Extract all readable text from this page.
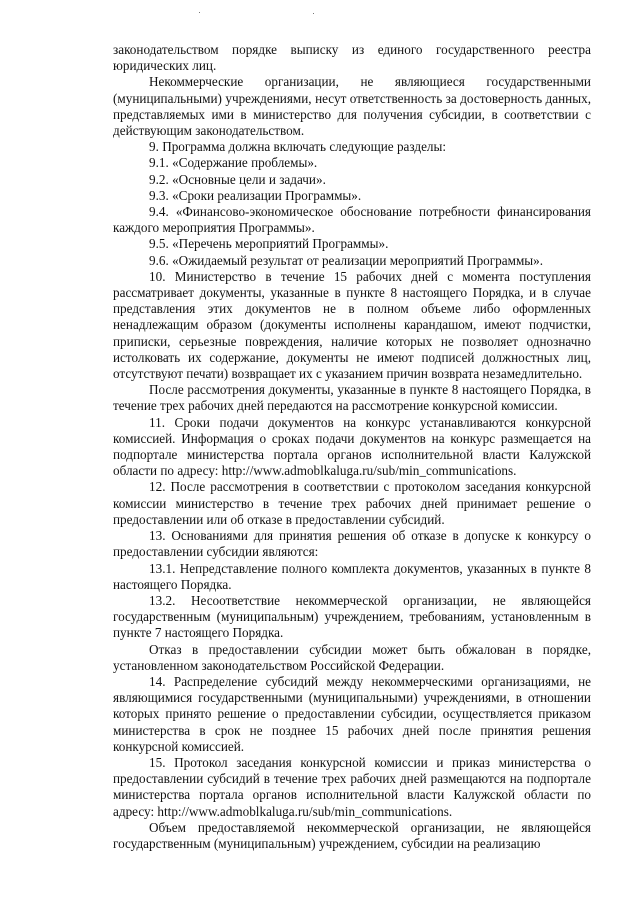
законодательством порядке выписку из единого государственного реестра юридических лиц.

Некоммерческие организации, не являющиеся государственными (муниципальными) учреждениями, несут ответственность за достоверность данных, представляемых ими в министерство для получения субсидии, в соответствии с действующим законодательством.

9. Программа должна включать следующие разделы:

9.1. «Содержание проблемы».

9.2. «Основные цели и задачи».

9.3. «Сроки реализации Программы».

9.4. «Финансово-экономическое обоснование потребности финансирования каждого мероприятия Программы».

9.5. «Перечень мероприятий Программы».

9.6. «Ожидаемый результат от реализации мероприятий Программы».

10. Министерство в течение 15 рабочих дней с момента поступления рассматривает документы, указанные в пункте 8 настоящего Порядка, и в случае представления этих документов не в полном объеме либо оформленных ненадлежащим образом (документы исполнены карандашом, имеют подчистки, приписки, серьезные повреждения, наличие которых не позволяет однозначно истолковать их содержание, документы не имеют подписей должностных лиц, отсутствуют печати) возвращает их с указанием причин возврата незамедлительно.

После рассмотрения документы, указанные в пункте 8 настоящего Порядка, в течение трех рабочих дней передаются на рассмотрение конкурсной комиссии.

11. Сроки подачи документов на конкурс устанавливаются конкурсной комиссией. Информация о сроках подачи документов на конкурс размещается на подпортале министерства портала органов исполнительной власти Калужской области по адресу: http://www.admoblkaluga.ru/sub/min_communications.

12. После рассмотрения в соответствии с протоколом заседания конкурсной комиссии министерство в течение трех рабочих дней принимает решение о предоставлении или об отказе в предоставлении субсидий.

13. Основаниями для принятия решения об отказе в допуске к конкурсу о предоставлении субсидии являются:

13.1. Непредставление полного комплекта документов, указанных в пункте 8 настоящего Порядка.

13.2. Несоответствие некоммерческой организации, не являющейся государственным (муниципальным) учреждением, требованиям, установленным в пункте 7 настоящего Порядка.

Отказ в предоставлении субсидии может быть обжалован в порядке, установленном законодательством Российской Федерации.

14. Распределение субсидий между некоммерческими организациями, не являющимися государственными (муниципальными) учреждениями, в отношении которых принято решение о предоставлении субсидии, осуществляется приказом министерства в срок не позднее 15 рабочих дней после принятия решения конкурсной комиссией.

15. Протокол заседания конкурсной комиссии и приказ министерства о предоставлении субсидий в течение трех рабочих дней размещаются на подпортале министерства портала органов исполнительной власти Калужской области по адресу: http://www.admoblkaluga.ru/sub/min_communications.

Объем предоставляемой некоммерческой организации, не являющейся государственным (муниципальным) учреждением, субсидии на реализацию
